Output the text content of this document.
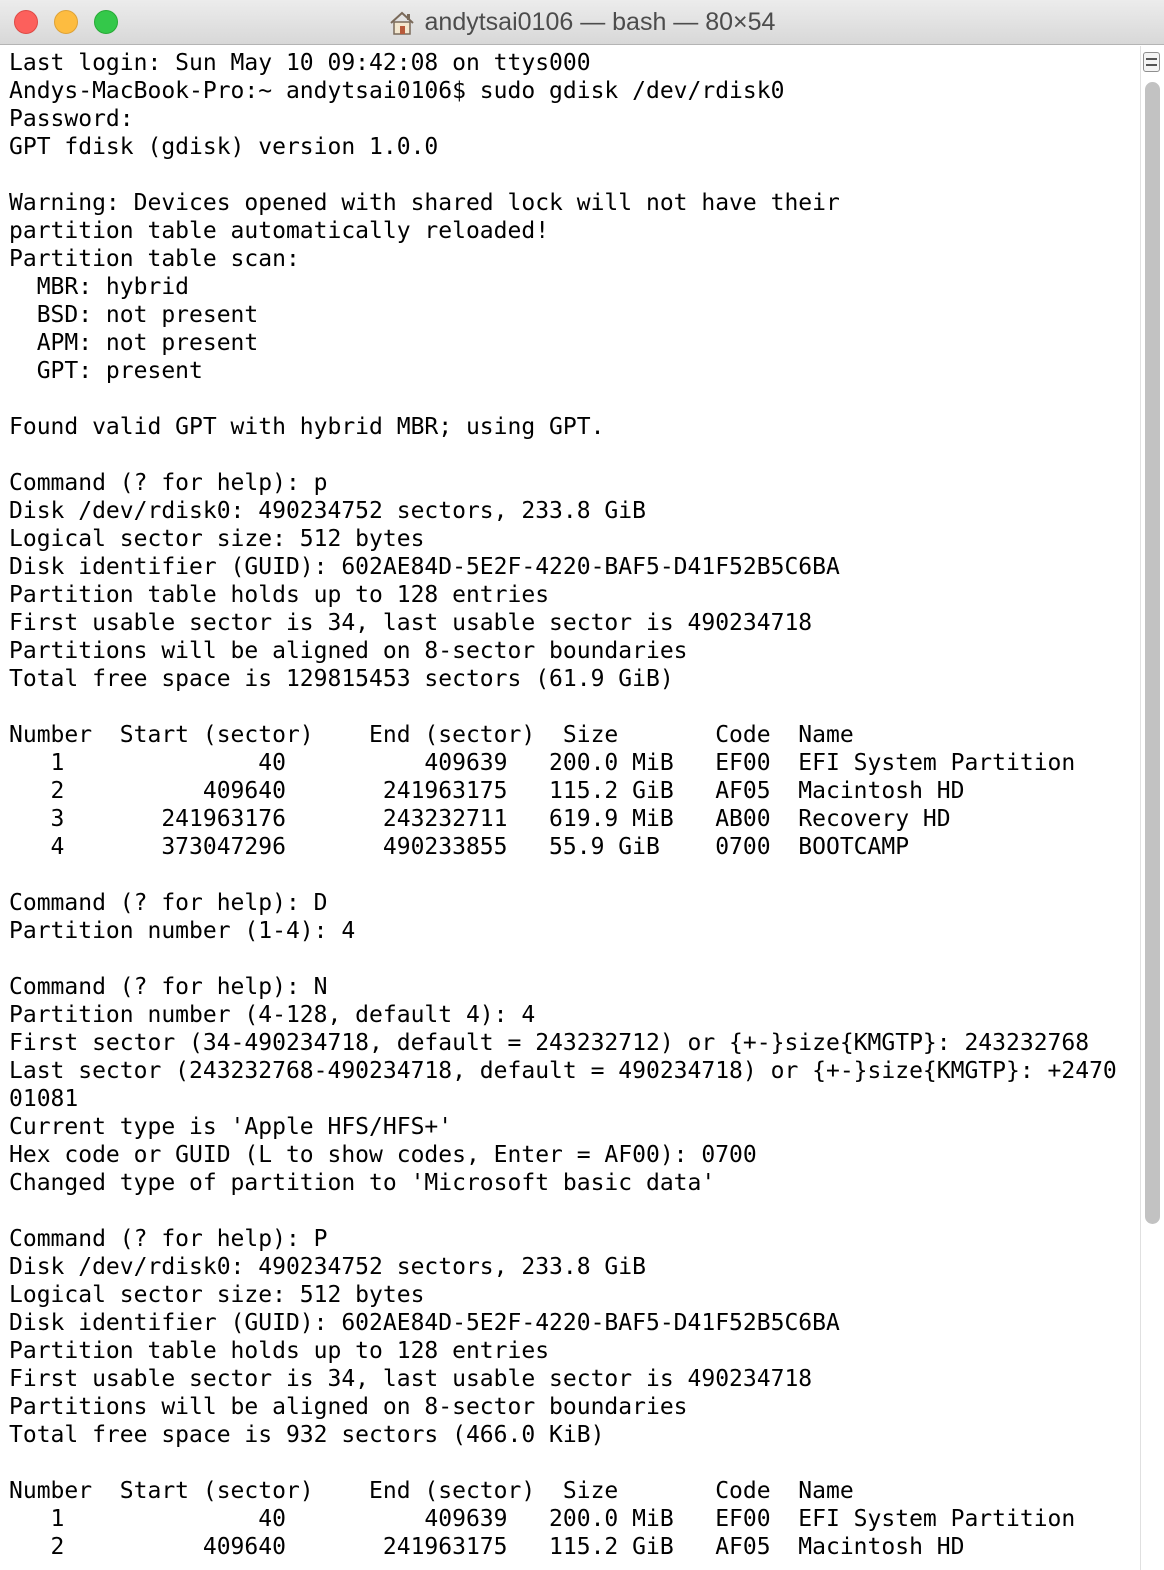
andytsai0106 — bash — 80×54
Last login: Sun May 10 09:42:08 on ttys000
Andys-MacBook-Pro:~ andytsai0106$ sudo gdisk /dev/rdisk0
Password:
GPT fdisk (gdisk) version 1.0.0
Warning: Devices opened with shared lock will not have their
partition table automatically reloaded!
Partition table scan:
MBR: hybrid
BSD: not present
APM: not present
GPT: present
Found valid GPT with hybrid MBR; using GPT.
Command (? for help): p
Disk /dev/rdisk0: 490234752 sectors, 233.8 GiB
Logical sector size: 512 bytes
Disk identifier (GUID): 602AE84D-5E2F-4220-BAF5-D41F52B5C6BA
Partition table holds up to 128 entries
First usable sector is 34, last usable sector is 490234718
Partitions will be aligned on 8-sector boundaries
Total free space is 129815453 sectors (61.9 GiB)
Number  Start (sector)    End (sector)  Size       Code  Name
1              40          409639   200.0 MiB   EF00  EFI System Partition
2          409640       241963175   115.2 GiB   AF05  Macintosh HD
3       241963176       243232711   619.9 MiB   AB00  Recovery HD
4       373047296       490233855   55.9 GiB    0700  BOOTCAMP
Command (? for help): D
Partition number (1-4): 4
Command (? for help): N
Partition number (4-128, default 4): 4
First sector (34-490234718, default = 243232712) or {+-}size{KMGTP}: 243232768
Last sector (243232768-490234718, default = 490234718) or {+-}size{KMGTP}: +2470
01081
Current type is 'Apple HFS/HFS+'
Hex code or GUID (L to show codes, Enter = AF00): 0700
Changed type of partition to 'Microsoft basic data'
Command (? for help): P
Disk /dev/rdisk0: 490234752 sectors, 233.8 GiB
Logical sector size: 512 bytes
Disk identifier (GUID): 602AE84D-5E2F-4220-BAF5-D41F52B5C6BA
Partition table holds up to 128 entries
First usable sector is 34, last usable sector is 490234718
Partitions will be aligned on 8-sector boundaries
Total free space is 932 sectors (466.0 KiB)
Number  Start (sector)    End (sector)  Size       Code  Name
1              40          409639   200.0 MiB   EF00  EFI System Partition
2          409640       241963175   115.2 GiB   AF05  Macintosh HD
